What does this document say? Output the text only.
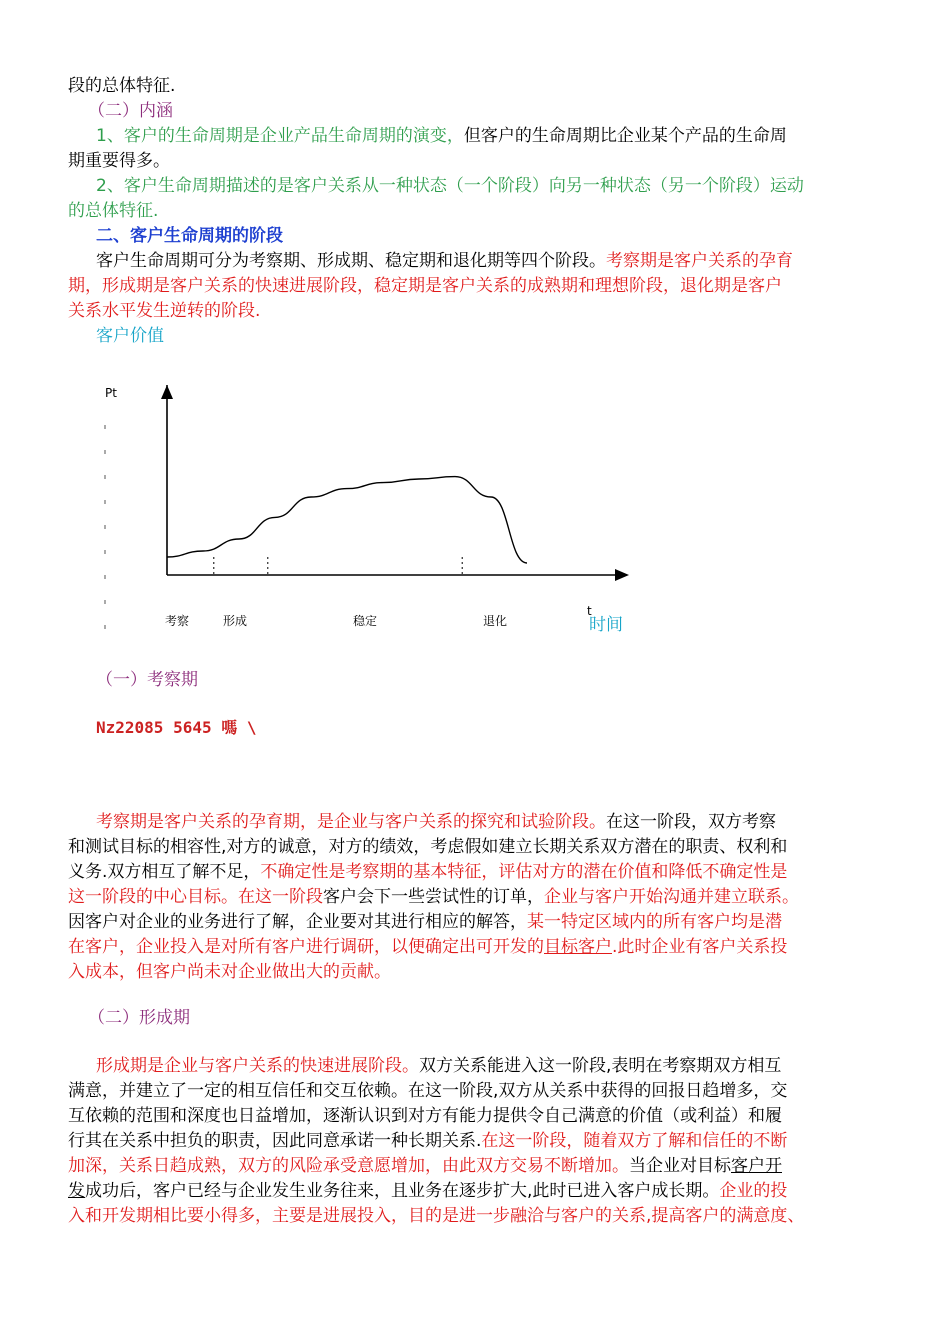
段的总体特征.
（二）内涵
1、客户的生命周期是企业产品生命周期的演变，但客户的生命周期比企业某个产品的生命周
期重要得多。
2、客户生命周期描述的是客户关系从一种状态（一个阶段）向另一种状态（另一个阶段）运动
的总体特征.
二、客户生命周期的阶段
客户生命周期可分为考察期、形成期、稳定期和退化期等四个阶段。考察期是客户关系的孕育
期，形成期是客户关系的快速进展阶段，稳定期是客户关系的成熟期和理想阶段，退化期是客户
关系水平发生逆转的阶段.
客户价值
Pt
考察	形成	稳定	退化
t
时间
（一）考察期
Nz22085 5645 嗎 \
考察期是客户关系的孕育期，是企业与客户关系的探究和试验阶段。在这一阶段，双方考察
和测试目标的相容性,对方的诚意，对方的绩效，考虑假如建立长期关系双方潜在的职责、权利和
义务.双方相互了解不足，不确定性是考察期的基本特征，评估对方的潜在价值和降低不确定性是
这一阶段的中心目标。在这一阶段客户会下一些尝试性的订单，企业与客户开始沟通并建立联系。
因客户对企业的业务进行了解，企业要对其进行相应的解答，某一特定区域内的所有客户均是潜
在客户，企业投入是对所有客户进行调研，以便确定出可开发的目标客户.此时企业有客户关系投
入成本，但客户尚未对企业做出大的贡献。
（二）形成期
形成期是企业与客户关系的快速进展阶段。双方关系能进入这一阶段,表明在考察期双方相互
满意，并建立了一定的相互信任和交互依赖。在这一阶段,双方从关系中获得的回报日趋增多，交
互依赖的范围和深度也日益增加，逐渐认识到对方有能力提供令自己满意的价值（或利益）和履
行其在关系中担负的职责，因此同意承诺一种长期关系.在这一阶段，随着双方了解和信任的不断
加深，关系日趋成熟，双方的风险承受意愿增加，由此双方交易不断增加。当企业对目标客户开
发成功后，客户已经与企业发生业务往来，且业务在逐步扩大,此时已进入客户成长期。企业的投
入和开发期相比要小得多，主要是进展投入，目的是进一步融洽与客户的关系,提高客户的满意度、
